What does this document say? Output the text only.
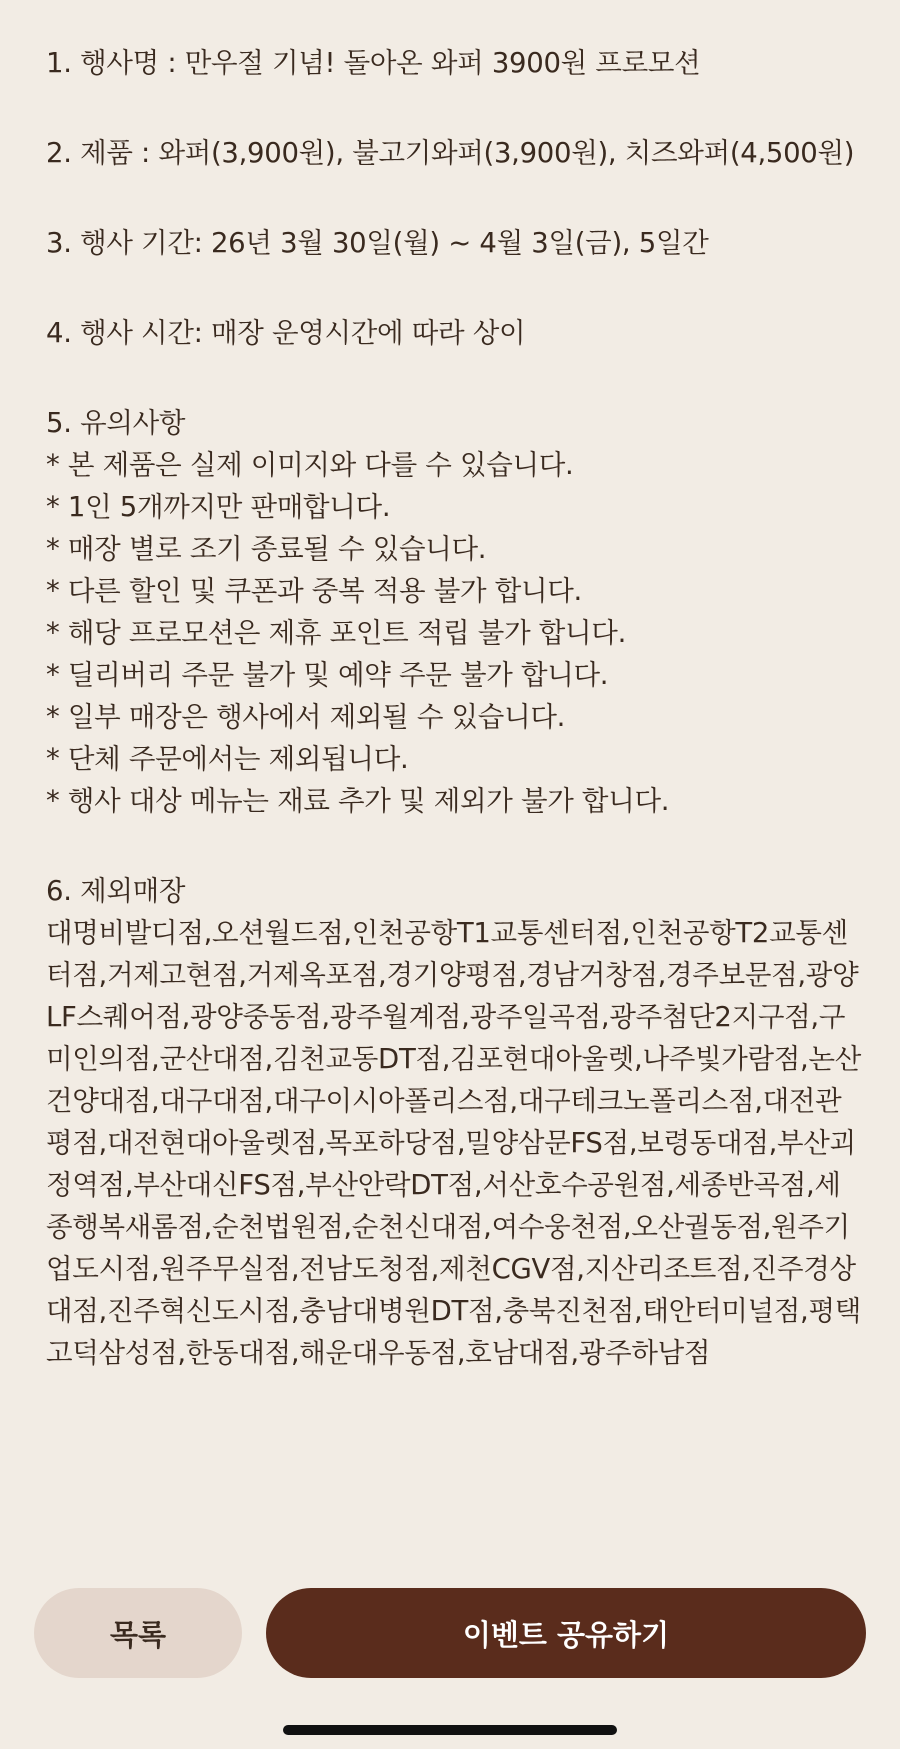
1. 행사명 : 만우절 기념! 돌아온 와퍼 3900원 프로모션
2. 제품 : 와퍼(3,900원), 불고기와퍼(3,900원), 치즈와퍼(4,500원)
3. 행사 기간: 26년 3월 30일(월) ~ 4월 3일(금), 5일간
4. 행사 시간: 매장 운영시간에 따라 상이
5. 유의사항
* 본 제품은 실제 이미지와 다를 수 있습니다.
* 1인 5개까지만 판매합니다.
* 매장 별로 조기 종료될 수 있습니다.
* 다른 할인 및 쿠폰과 중복 적용 불가 합니다.
* 해당 프로모션은 제휴 포인트 적립 불가 합니다.
* 딜리버리 주문 불가 및 예약 주문 불가 합니다.
* 일부 매장은 행사에서 제외될 수 있습니다.
* 단체 주문에서는 제외됩니다.
* 행사 대상 메뉴는 재료 추가 및 제외가 불가 합니다.
6. 제외매장
대명비발디점,오션월드점,인천공항T1교통센터점,인천공항T2교통센터점,거제고현점,거제옥포점,경기양평점,경남거창점,경주보문점,광양LF스퀘어점,광양중동점,광주월계점,광주일곡점,광주첨단2지구점,구미인의점,군산대점,김천교동DT점,김포현대아울렛,나주빛가람점,논산건양대점,대구대점,대구이시아폴리스점,대구테크노폴리스점,대전관평점,대전현대아울렛점,목포하당점,밀양삼문FS점,보령동대점,부산괴정역점,부산대신FS점,부산안락DT점,서산호수공원점,세종반곡점,세종행복새롬점,순천법원점,순천신대점,여수웅천점,오산궐동점,원주기업도시점,원주무실점,전남도청점,제천CGV점,지산리조트점,진주경상대점,진주혁신도시점,충남대병원DT점,충북진천점,태안터미널점,평택고덕삼성점,한동대점,해운대우동점,호남대점,광주하남점
목록	이벤트 공유하기
